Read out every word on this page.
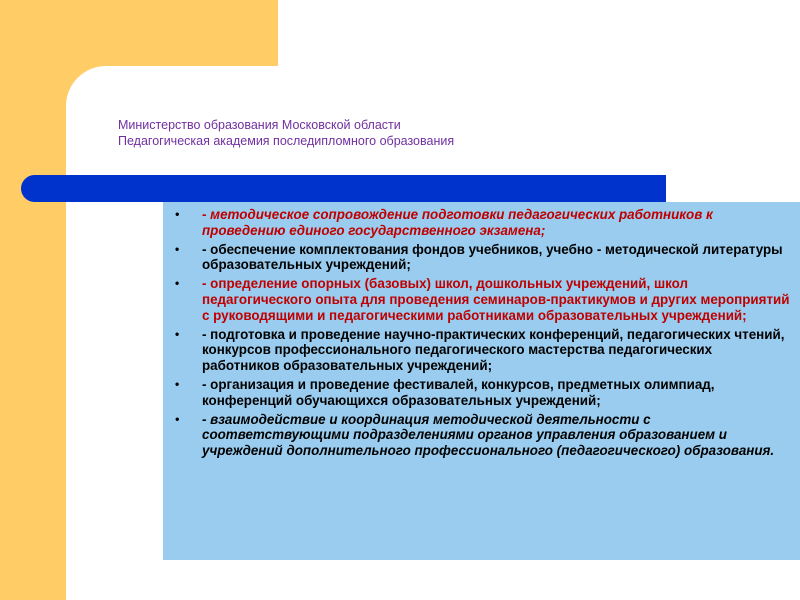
Министерство образования Московской области
Педагогическая академия последипломного образования
• - методическое сопровождение подготовки педагогических работников к проведению единого государственного экзамена;
• - обеспечение комплектования фондов учебников, учебно - методической литературы образовательных учреждений;
• - определение опорных (базовых) школ, дошкольных учреждений, школ педагогического опыта для проведения семинаров-практикумов и других мероприятий с руководящими и педагогическими работниками образовательных учреждений;
• - подготовка и проведение научно-практических конференций, педагогических чтений, конкурсов профессионального педагогического мастерства педагогических работников образовательных учреждений;
• - организация и проведение фестивалей, конкурсов, предметных олимпиад, конференций обучающихся образовательных учреждений;
• - взаимодействие и координация методической деятельности с соответствующими подразделениями органов управления образованием и учреждений дополнительного профессионального (педагогического) образования.
